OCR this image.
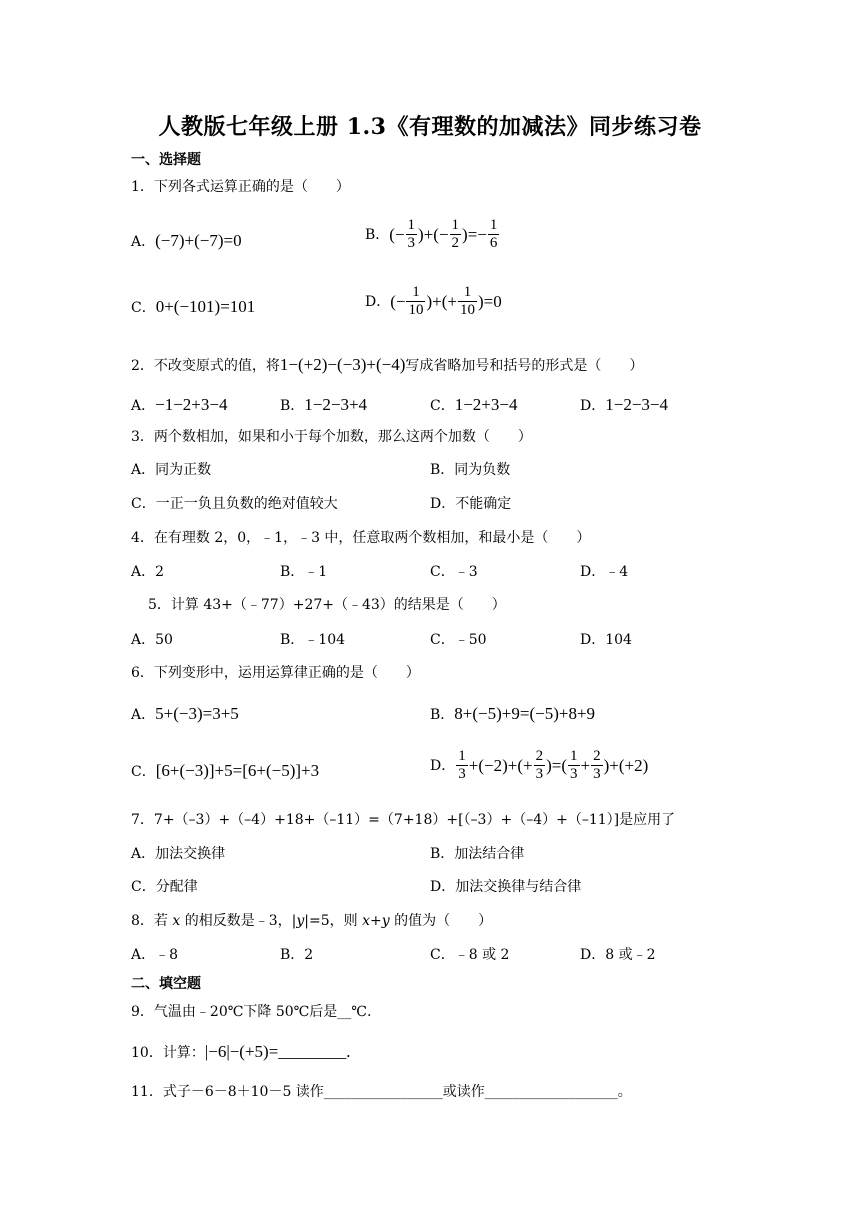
人教版七年级上册 1.3《有理数的加减法》同步练习卷
一、选择题
1．下列各式运算正确的是（　　）
A．(−7)+(−7)=0	B． (− $\frac{1}{3}$ )+(− $\frac{1}{2}$ )=− $\frac{1}{6}$
C．0+(−101)=101	D． (− $\frac{1}{10}$ )+(+ $\frac{1}{10} )=0$
2．不改变原式的值，将1−(+2)−(−3)+(−4)写成省略加号和括号的形式是（　　）
A．−1−2+3−4	B．1−2−3+4	C．1−2+3−4	D．1−2−3−4
3．两个数相加，如果和小于每个加数，那么这两个加数（　　）
A．同为正数	B．同为负数
C．一正一负且负数的绝对值较大	D．不能确定
4．在有理数 2，0，﹣1，﹣3 中，任意取两个数相加，和最小是（　　）
A．2	B．﹣1	C．﹣3	D．﹣4
5．计算 43+（﹣77）+27+（﹣43）的结果是（　　）
A．50	B．﹣104	C．﹣50	D．104
6．下列变形中，运用运算律正确的是（　　）
A．5+(−3)=3+5	B．8+(−5)+9=(−5)+8+9
C．[6+(−3)]+5=[6+(−5)]+3	D． $\frac{1}{3} +(-2)+$ (+ $\frac{2}{3}$ )=( $\frac{1}{3} + \frac{2}{3} )+(+2)$
7．7+（–3）+（–4）+18+（–11）=（7+18）+[（–3）+（–4）+（–11）]是应用了
A．加法交换律	B．加法结合律
C．分配律	D．加法交换律与结合律
8．若 x 的相反数是﹣3，|y|=5，则 x+y 的值为（　　）
A．﹣8	B．2	C．﹣8 或 2	D．8 或﹣2
二、填空题
9．气温由﹣20℃下降 50℃后是__℃.
10．计算：|−6|−(+5)=________.
11．式子－6－8＋10－5 读作_________________或读作___________________。
